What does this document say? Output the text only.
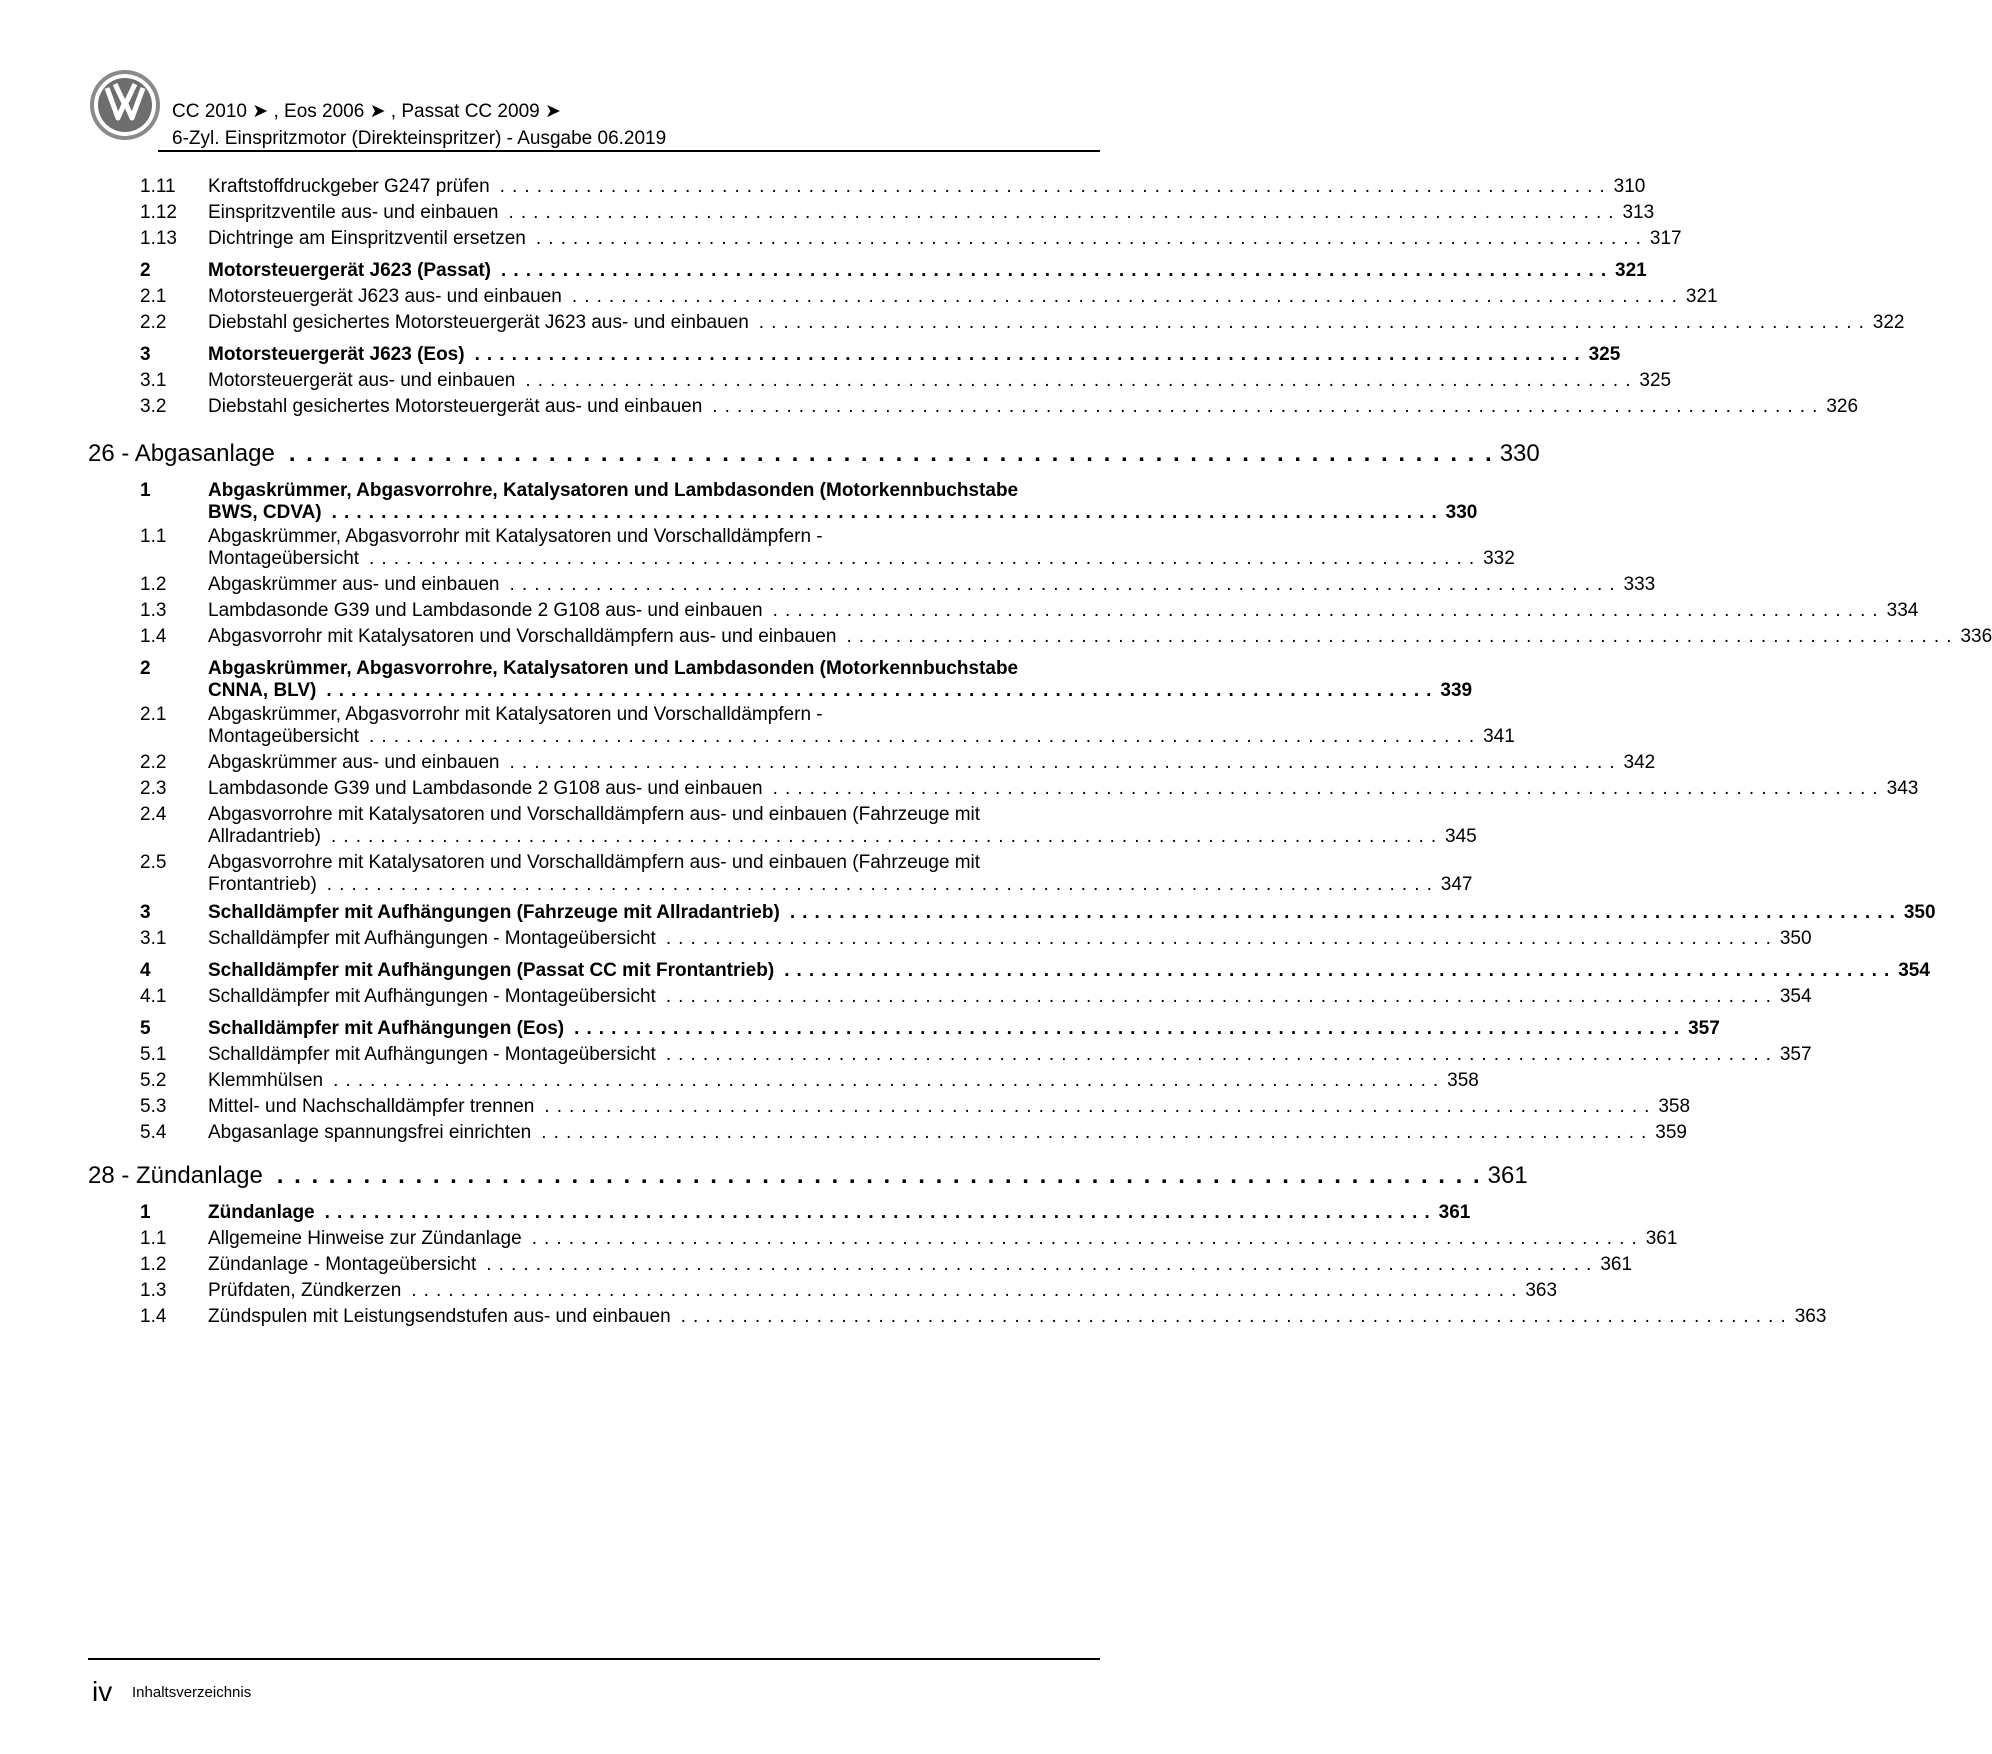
CC 2010 ➤ , Eos 2006 ➤ , Passat CC 2009 ➤
6-Zyl. Einspritzmotor (Direkteinspritzer) - Ausgabe 06.2019
1.11 Kraftstoffdruckgeber G247 prüfen . . . . . . . . . . . . . . . . . . . . . . . . . . . . . . . . . . . . . . . . . . . . . . . . . . . . . . . . . . . . . . . . . . . . . . . . . . . . . . . . . . . . . . . . . . 310
1.12 Einspritzventile aus- und einbauen . . . . . . . . . . . . . . . . . . . . . . . . . . . . . . . . . . . . . . . . . . . . . . . . . . . . . . . . . . . . . . . . . . . . . . . . . . . . . . . . . . . . . . . . . . 313
1.13 Dichtringe am Einspritzventil ersetzen . . . . . . . . . . . . . . . . . . . . . . . . . . . . . . . . . . . . . . . . . . . . . . . . . . . . . . . . . . . . . . . . . . . . . . . . . . . . . . . . . . . . . . . . . . 317
2	Motorsteuergerät J623 (Passat) . . . . . . . . . . . . . . . . . . . . . . . . . . . . . . . . . . . . . . . . . . . . . . . . . . . . . . . . . . . . . . . . . . . . . . . . . . . . . . . . . . . . . . . . . . 321
2.1 Motorsteuergerät J623 aus- und einbauen . . . . . . . . . . . . . . . . . . . . . . . . . . . . . . . . . . . . . . . . . . . . . . . . . . . . . . . . . . . . . . . . . . . . . . . . . . . . . . . . . . . . . . . . . . 321
2.2 Diebstahl gesichertes Motorsteuergerät J623 aus- und einbauen . . . . . . . . . . . . . . . . . . . . . . . . . . . . . . . . . . . . . . . . . . . . . . . . . . . . . . . . . . . . . . . . . . . . . . . . . . . . . . . . . . . . . . . . . . 322
3	Motorsteuergerät J623 (Eos) . . . . . . . . . . . . . . . . . . . . . . . . . . . . . . . . . . . . . . . . . . . . . . . . . . . . . . . . . . . . . . . . . . . . . . . . . . . . . . . . . . . . . . . . . . 325
3.1 Motorsteuergerät aus- und einbauen . . . . . . . . . . . . . . . . . . . . . . . . . . . . . . . . . . . . . . . . . . . . . . . . . . . . . . . . . . . . . . . . . . . . . . . . . . . . . . . . . . . . . . . . . . 325
3.2 Diebstahl gesichertes Motorsteuergerät aus- und einbauen . . . . . . . . . . . . . . . . . . . . . . . . . . . . . . . . . . . . . . . . . . . . . . . . . . . . . . . . . . . . . . . . . . . . . . . . . . . . . . . . . . . . . . . . . . 326
26 - Abgasanlage . . . . . . . . . . . . . . . . . . . . . . . . . . . . . . . . . . . . . . . . . . . . . . . . . . . . . . . . . . . . . . . . . . . . . . 330
1	Abgaskrümmer, Abgasvorrohre, Katalysatoren und Lambdasonden (Motorkennbuchstabe
BWS, CDVA) . . . . . . . . . . . . . . . . . . . . . . . . . . . . . . . . . . . . . . . . . . . . . . . . . . . . . . . . . . . . . . . . . . . . . . . . . . . . . . . . . . . . . . . . . . 330
1.1 Abgaskrümmer, Abgasvorrohr mit Katalysatoren und Vorschalldämpfern -
Montageübersicht . . . . . . . . . . . . . . . . . . . . . . . . . . . . . . . . . . . . . . . . . . . . . . . . . . . . . . . . . . . . . . . . . . . . . . . . . . . . . . . . . . . . . . . . . . 332
1.2 Abgaskrümmer aus- und einbauen . . . . . . . . . . . . . . . . . . . . . . . . . . . . . . . . . . . . . . . . . . . . . . . . . . . . . . . . . . . . . . . . . . . . . . . . . . . . . . . . . . . . . . . . . . 333
1.3 Lambdasonde G39 und Lambdasonde 2 G108 aus- und einbauen . . . . . . . . . . . . . . . . . . . . . . . . . . . . . . . . . . . . . . . . . . . . . . . . . . . . . . . . . . . . . . . . . . . . . . . . . . . . . . . . . . . . . . . . . . 334
1.4 Abgasvorrohr mit Katalysatoren und Vorschalldämpfern aus- und einbauen . . . . . . . . . . . . . . . . . . . . . . . . . . . . . . . . . . . . . . . . . . . . . . . . . . . . . . . . . . . . . . . . . . . . . . . . . . . . . . . . . . . . . . . . . . 336
2	Abgaskrümmer, Abgasvorrohre, Katalysatoren und Lambdasonden (Motorkennbuchstabe
CNNA, BLV) . . . . . . . . . . . . . . . . . . . . . . . . . . . . . . . . . . . . . . . . . . . . . . . . . . . . . . . . . . . . . . . . . . . . . . . . . . . . . . . . . . . . . . . . . . 339
2.1 Abgaskrümmer, Abgasvorrohr mit Katalysatoren und Vorschalldämpfern -
Montageübersicht . . . . . . . . . . . . . . . . . . . . . . . . . . . . . . . . . . . . . . . . . . . . . . . . . . . . . . . . . . . . . . . . . . . . . . . . . . . . . . . . . . . . . . . . . . 341
2.2 Abgaskrümmer aus- und einbauen . . . . . . . . . . . . . . . . . . . . . . . . . . . . . . . . . . . . . . . . . . . . . . . . . . . . . . . . . . . . . . . . . . . . . . . . . . . . . . . . . . . . . . . . . . 342
2.3 Lambdasonde G39 und Lambdasonde 2 G108 aus- und einbauen . . . . . . . . . . . . . . . . . . . . . . . . . . . . . . . . . . . . . . . . . . . . . . . . . . . . . . . . . . . . . . . . . . . . . . . . . . . . . . . . . . . . . . . . . . 343
2.4 Abgasvorrohre mit Katalysatoren und Vorschalldämpfern aus- und einbauen (Fahrzeuge mit
Allradantrieb) . . . . . . . . . . . . . . . . . . . . . . . . . . . . . . . . . . . . . . . . . . . . . . . . . . . . . . . . . . . . . . . . . . . . . . . . . . . . . . . . . . . . . . . . . . 345
2.5 Abgasvorrohre mit Katalysatoren und Vorschalldämpfern aus- und einbauen (Fahrzeuge mit
Frontantrieb) . . . . . . . . . . . . . . . . . . . . . . . . . . . . . . . . . . . . . . . . . . . . . . . . . . . . . . . . . . . . . . . . . . . . . . . . . . . . . . . . . . . . . . . . . . 347
3	Schalldämpfer mit Aufhängungen (Fahrzeuge mit Allradantrieb) . . . . . . . . . . . . . . . . . . . . . . . . . . . . . . . . . . . . . . . . . . . . . . . . . . . . . . . . . . . . . . . . . . . . . . . . . . . . . . . . . . . . . . . . . . 350
3.1 Schalldämpfer mit Aufhängungen - Montageübersicht . . . . . . . . . . . . . . . . . . . . . . . . . . . . . . . . . . . . . . . . . . . . . . . . . . . . . . . . . . . . . . . . . . . . . . . . . . . . . . . . . . . . . . . . . . 350
4	Schalldämpfer mit Aufhängungen (Passat CC mit Frontantrieb) . . . . . . . . . . . . . . . . . . . . . . . . . . . . . . . . . . . . . . . . . . . . . . . . . . . . . . . . . . . . . . . . . . . . . . . . . . . . . . . . . . . . . . . . . . 354
4.1 Schalldämpfer mit Aufhängungen - Montageübersicht . . . . . . . . . . . . . . . . . . . . . . . . . . . . . . . . . . . . . . . . . . . . . . . . . . . . . . . . . . . . . . . . . . . . . . . . . . . . . . . . . . . . . . . . . . 354
5	Schalldämpfer mit Aufhängungen (Eos) . . . . . . . . . . . . . . . . . . . . . . . . . . . . . . . . . . . . . . . . . . . . . . . . . . . . . . . . . . . . . . . . . . . . . . . . . . . . . . . . . . . . . . . . . . 357
5.1 Schalldämpfer mit Aufhängungen - Montageübersicht . . . . . . . . . . . . . . . . . . . . . . . . . . . . . . . . . . . . . . . . . . . . . . . . . . . . . . . . . . . . . . . . . . . . . . . . . . . . . . . . . . . . . . . . . . 357
5.2 Klemmhülsen . . . . . . . . . . . . . . . . . . . . . . . . . . . . . . . . . . . . . . . . . . . . . . . . . . . . . . . . . . . . . . . . . . . . . . . . . . . . . . . . . . . . . . . . . . 358
5.3 Mittel- und Nachschalldämpfer trennen . . . . . . . . . . . . . . . . . . . . . . . . . . . . . . . . . . . . . . . . . . . . . . . . . . . . . . . . . . . . . . . . . . . . . . . . . . . . . . . . . . . . . . . . . . 358
5.4 Abgasanlage spannungsfrei einrichten . . . . . . . . . . . . . . . . . . . . . . . . . . . . . . . . . . . . . . . . . . . . . . . . . . . . . . . . . . . . . . . . . . . . . . . . . . . . . . . . . . . . . . . . . . 359
28 - Zündanlage . . . . . . . . . . . . . . . . . . . . . . . . . . . . . . . . . . . . . . . . . . . . . . . . . . . . . . . . . . . . . . . . . . . . . . 361
1	Zündanlage . . . . . . . . . . . . . . . . . . . . . . . . . . . . . . . . . . . . . . . . . . . . . . . . . . . . . . . . . . . . . . . . . . . . . . . . . . . . . . . . . . . . . . . . . . 361
1.1 Allgemeine Hinweise zur Zündanlage . . . . . . . . . . . . . . . . . . . . . . . . . . . . . . . . . . . . . . . . . . . . . . . . . . . . . . . . . . . . . . . . . . . . . . . . . . . . . . . . . . . . . . . . . . 361
1.2 Zündanlage - Montageübersicht . . . . . . . . . . . . . . . . . . . . . . . . . . . . . . . . . . . . . . . . . . . . . . . . . . . . . . . . . . . . . . . . . . . . . . . . . . . . . . . . . . . . . . . . . . 361
1.3 Prüfdaten, Zündkerzen . . . . . . . . . . . . . . . . . . . . . . . . . . . . . . . . . . . . . . . . . . . . . . . . . . . . . . . . . . . . . . . . . . . . . . . . . . . . . . . . . . . . . . . . . . 363
1.4 Zündspulen mit Leistungsendstufen aus- und einbauen . . . . . . . . . . . . . . . . . . . . . . . . . . . . . . . . . . . . . . . . . . . . . . . . . . . . . . . . . . . . . . . . . . . . . . . . . . . . . . . . . . . . . . . . . . 363
iv Inhaltsverzeichnis
